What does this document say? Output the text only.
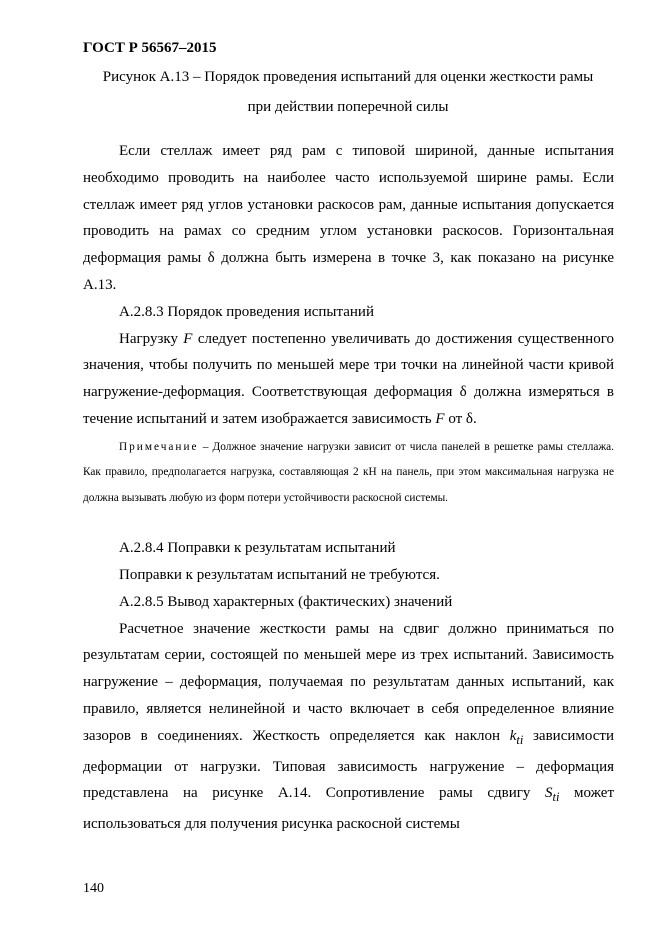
ГОСТ Р 56567–2015
Рисунок А.13 – Порядок проведения испытаний для оценки жесткости рамы
при действии поперечной силы

Если стеллаж имеет ряд рам с типовой шириной, данные испытания необходимо проводить на наиболее часто используемой ширине рамы. Если стеллаж имеет ряд углов установки раскосов рам, данные испытания допускается проводить на рамах со средним углом установки раскосов. Горизонтальная деформация рамы δ должна быть измерена в точке 3, как показано на рисунке А.13.

А.2.8.3 Порядок проведения испытаний

Нагрузку F следует постепенно увеличивать до достижения существенного значения, чтобы получить по меньшей мере три точки на линейной части кривой нагружение-деформация. Соответствующая деформация δ должна измеряться в течение испытаний и затем изображается зависимость F от δ.

Примечание – Должное значение нагрузки зависит от числа панелей в решетке рамы стеллажа. Как правило, предполагается нагрузка, составляющая 2 кН на панель, при этом максимальная нагрузка не должна вызывать любую из форм потери устойчивости раскосной системы.

А.2.8.4 Поправки к результатам испытаний

Поправки к результатам испытаний не требуются.

А.2.8.5 Вывод характерных (фактических) значений

Расчетное значение жесткости рамы на сдвиг должно приниматься по результатам серии, состоящей по меньшей мере из трех испытаний. Зависимость нагружение – деформация, получаемая по результатам данных испытаний, как правило, является нелинейной и часто включает в себя определенное влияние зазоров в соединениях. Жесткость определяется как наклон $k_{ti}$ зависимости деформации от нагрузки. Типовая зависимость нагружение – деформация представлена на рисунке А.14. Сопротивление рамы сдвигу $S_{ti}$ может использоваться для получения рисунка раскосной системы

140
